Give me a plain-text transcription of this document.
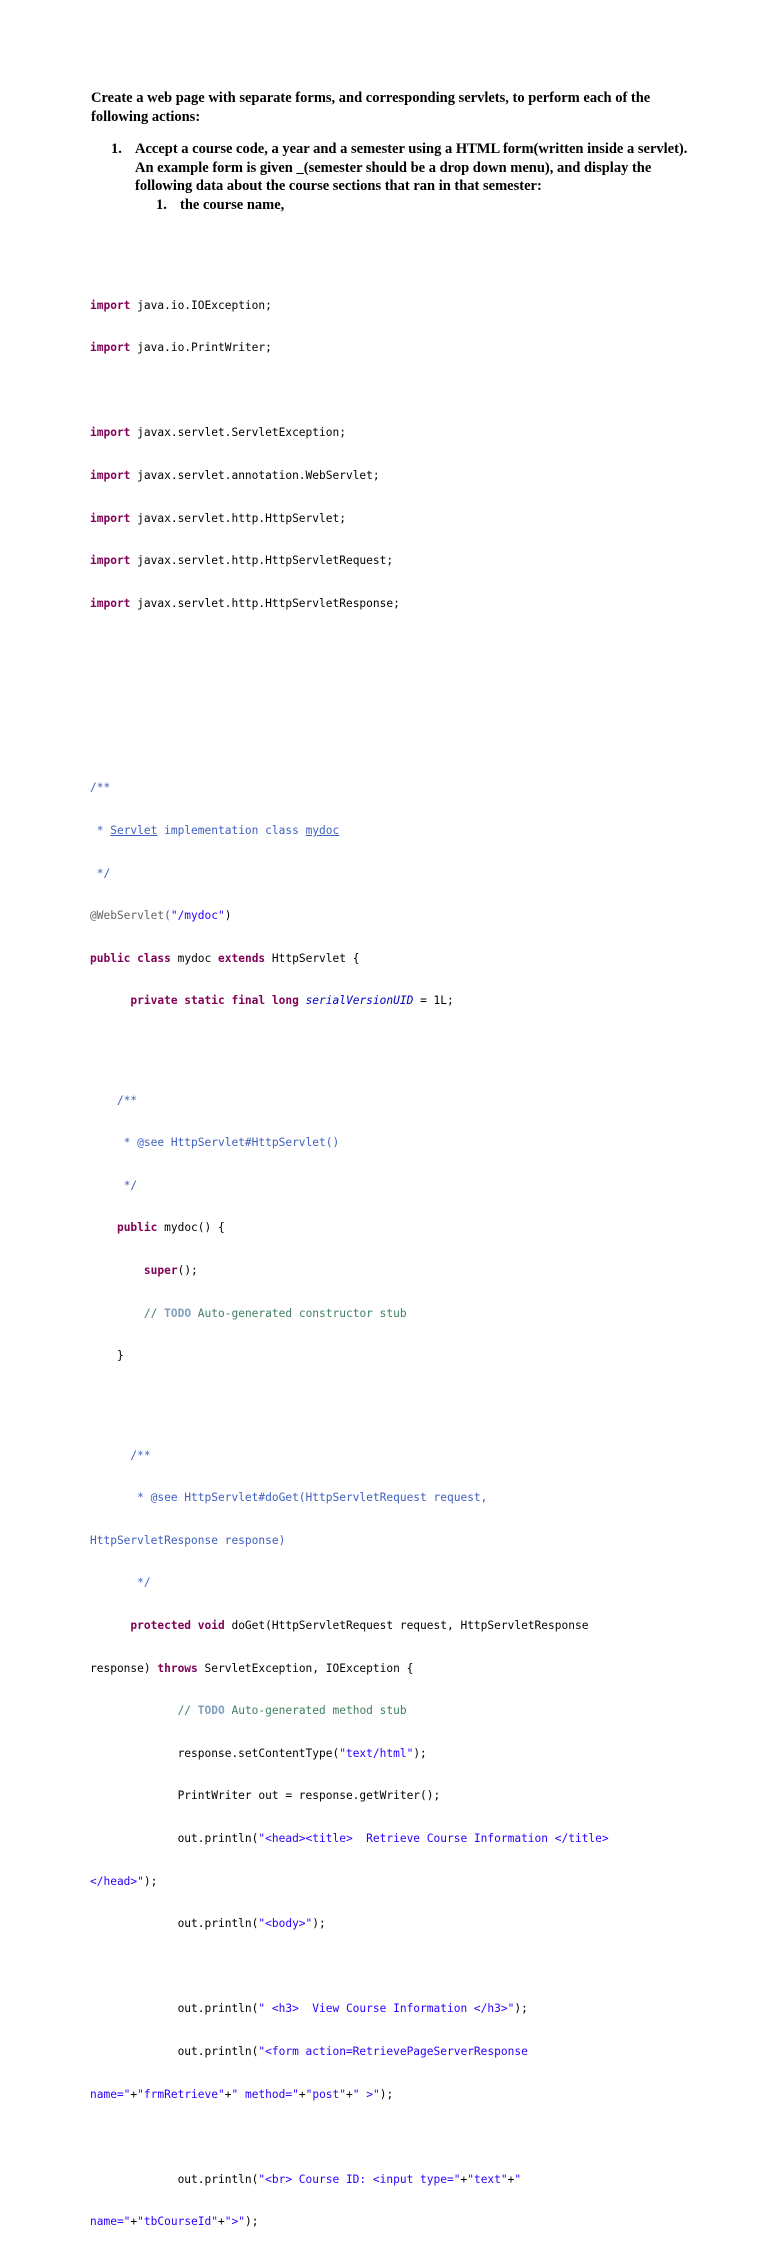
Create a web page with separate forms, and corresponding servlets, to perform each of the following actions:

1. Accept a course code, a year and a semester using a HTML form(written inside a servlet). An example form is given _(semester should be a drop down menu), and display the following data about the course sections that ran in that semester:

1. the course name,

import java.io.IOException;

import java.io.PrintWriter;

import javax.servlet.ServletException;

import javax.servlet.annotation.WebServlet;

import javax.servlet.http.HttpServlet;

import javax.servlet.http.HttpServletRequest;

import javax.servlet.http.HttpServletResponse;

/**

* Servlet implementation class mydoc

*/

@WebServlet("/mydoc")

public class mydoc extends HttpServlet {

private static final long serialVersionUID = 1L;

/**

* @see HttpServlet#HttpServlet()

*/

public mydoc() {

super();

// TODO Auto-generated constructor stub

}

/**

* @see HttpServlet#doGet(HttpServletRequest request,

HttpServletResponse response)

*/

protected void doGet(HttpServletRequest request, HttpServletResponse

response) throws ServletException, IOException {

// TODO Auto-generated method stub

response.setContentType("text/html");

PrintWriter out = response.getWriter();

out.println("<head><title>  Retrieve Course Information </title>

</head>");

out.println("<body>");

out.println(" <h3>  View Course Information </h3>");

out.println("<form action=RetrievePageServerResponse

name="+"frmRetrieve"+" method="+"post"+" >");

out.println("<br> Course ID: <input type="+"text"+"

name="+"tbCourseId"+">");
